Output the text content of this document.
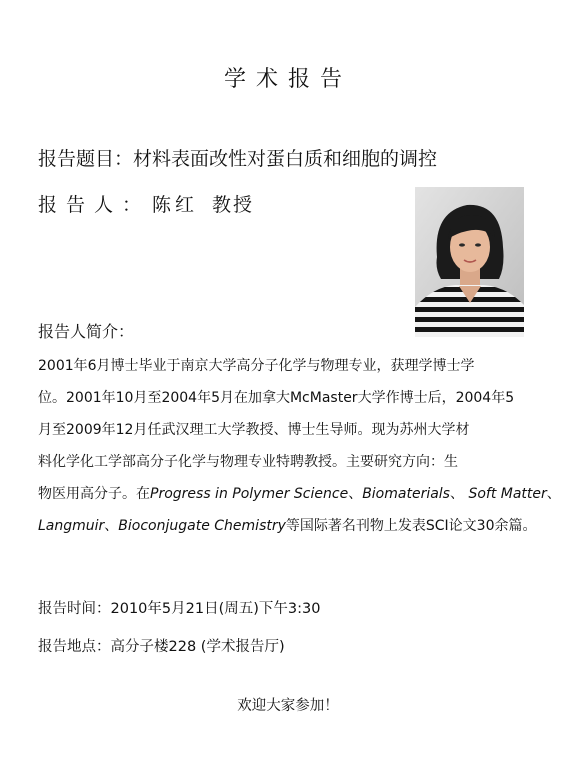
学术报告
报告题目：材料表面改性对蛋白质和细胞的调控
报告人： 陈红 教授
报告人简介：
2001年6月博士毕业于南京大学高分子化学与物理专业，获理学博士学
位。2001年10月至2004年5月在加拿大McMaster大学作博士后，2004年5
月至2009年12月任武汉理工大学教授、博士生导师。现为苏州大学材
料化学化工学部高分子化学与物理专业特聘教授。主要研究方向：生
物医用高分子。在Progress in Polymer Science、Biomaterials、 Soft Matter、
Langmuir、Bioconjugate Chemistry等国际著名刊物上发表SCI论文30余篇。
报告时间：2010年5月21日(周五)下午3:30
报告地点：高分子楼228 (学术报告厅)
欢迎大家参加！
